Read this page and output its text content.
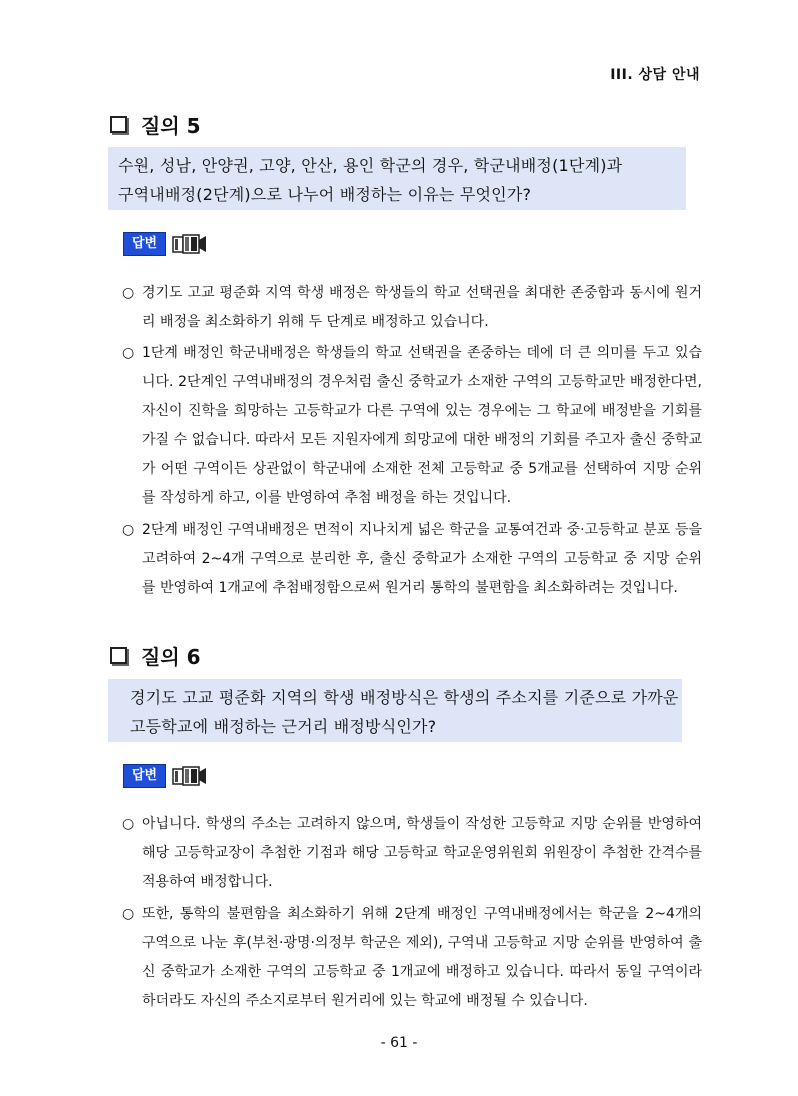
III. 상담 안내
질의 5
수원, 성남, 안양권, 고양, 안산, 용인 학군의 경우, 학군내배정(1단계)과
구역내배정(2단계)으로 나누어 배정하는 이유는 무엇인가?
답변
○ 경기도 고교 평준화 지역 학생 배정은 학생들의 학교 선택권을 최대한 존중함과 동시에 원거리 배정을 최소화하기 위해 두 단계로 배정하고 있습니다.
○ 1단계 배정인 학군내배정은 학생들의 학교 선택권을 존중하는 데에 더 큰 의미를 두고 있습니다. 2단계인 구역내배정의 경우처럼 출신 중학교가 소재한 구역의 고등학교만 배정한다면, 자신이 진학을 희망하는 고등학교가 다른 구역에 있는 경우에는 그 학교에 배정받을 기회를 가질 수 없습니다. 따라서 모든 지원자에게 희망교에 대한 배정의 기회를 주고자 출신 중학교가 어떤 구역이든 상관없이 학군내에 소재한 전체 고등학교 중 5개교를 선택하여 지망 순위를 작성하게 하고, 이를 반영하여 추첨 배정을 하는 것입니다.
○ 2단계 배정인 구역내배정은 면적이 지나치게 넓은 학군을 교통여건과 중·고등학교 분포 등을 고려하여 2~4개 구역으로 분리한 후, 출신 중학교가 소재한 구역의 고등학교 중 지망 순위를 반영하여 1개교에 추첨배정함으로써 원거리 통학의 불편함을 최소화하려는 것입니다.
질의 6
경기도 고교 평준화 지역의 학생 배정방식은 학생의 주소지를 기준으로 가까운
고등학교에 배정하는 근거리 배정방식인가?
답변
○ 아닙니다. 학생의 주소는 고려하지 않으며, 학생들이 작성한 고등학교 지망 순위를 반영하여 해당 고등학교장이 추첨한 기점과 해당 고등학교 학교운영위원회 위원장이 추첨한 간격수를 적용하여 배정합니다.
○ 또한, 통학의 불편함을 최소화하기 위해 2단계 배정인 구역내배정에서는 학군을 2~4개의 구역으로 나눈 후(부천·광명·의정부 학군은 제외), 구역내 고등학교 지망 순위를 반영하여 출신 중학교가 소재한 구역의 고등학교 중 1개교에 배정하고 있습니다. 따라서 동일 구역이라 하더라도 자신의 주소지로부터 원거리에 있는 학교에 배정될 수 있습니다.
- 61 -
